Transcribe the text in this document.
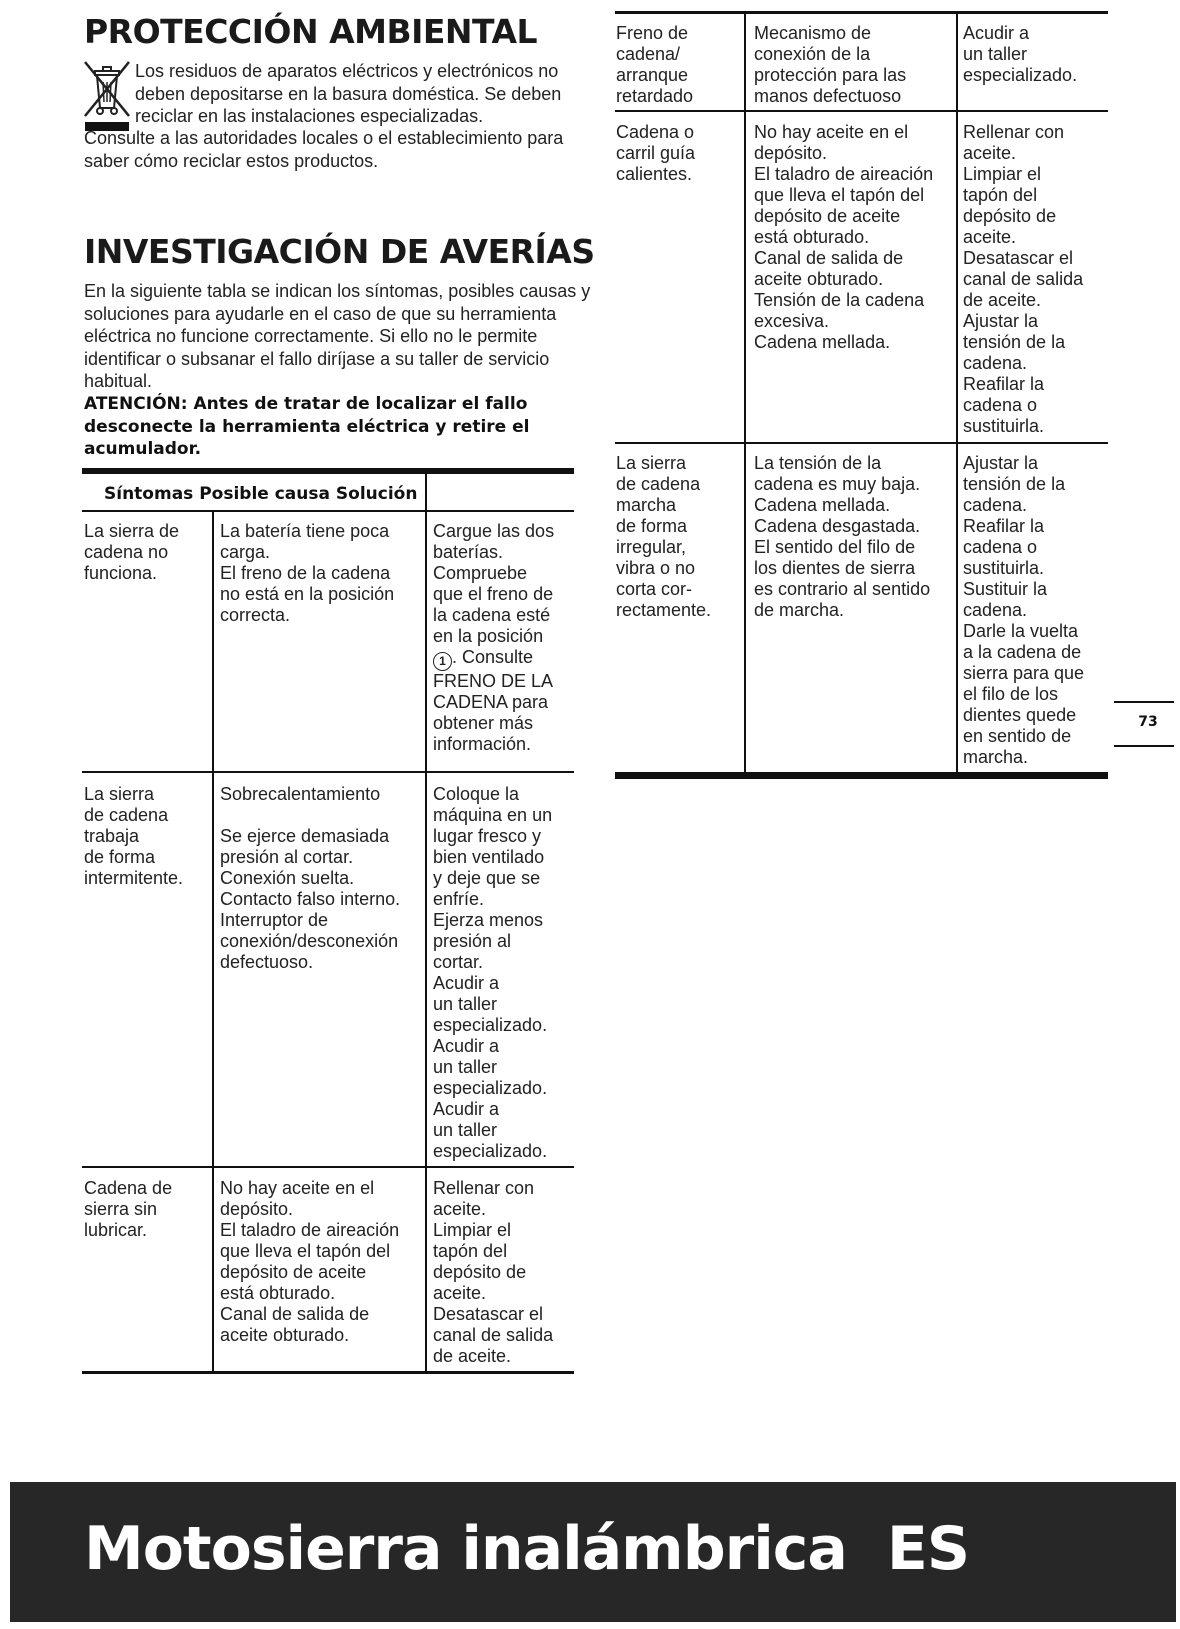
PROTECCIÓN AMBIENTAL
Los residuos de aparatos eléctricos y electrónicos no deben depositarse en la basura doméstica. Se deben reciclar en las instalaciones especializadas.
Consulte a las autoridades locales o el establecimiento para saber cómo reciclar estos productos.
INVESTIGACIÓN DE AVERÍAS
En la siguiente tabla se indican los síntomas, posibles causas y soluciones para ayudarle en el caso de que su herramienta eléctrica no funcione correctamente. Si ello no le permite identificar o subsanar el fallo diríjase a su taller de servicio habitual.
ATENCIÓN: Antes de tratar de localizar el fallo desconecte la herramienta eléctrica y retire el acumulador.
Síntomas Posible causa Solución
La sierra de
cadena no
funciona.
La batería tiene poca
carga.
El freno de la cadena
no está en la posición
correcta.
Cargue las dos
baterías.
Compruebe
que el freno de
la cadena esté
en la posición
1 . Consulte
FRENO DE LA
CADENA para
obtener más
información.
La sierra
de cadena
trabaja
de forma
intermitente.
Sobrecalentamiento

Se ejerce demasiada
presión al cortar.
Conexión suelta.
Contacto falso interno.
Interruptor de
conexión/desconexión
defectuoso.
Coloque la
máquina en un
lugar fresco y
bien ventilado
y deje que se
enfríe.
Ejerza menos
presión al
cortar.
Acudir a
un taller
especializado.
Acudir a
un taller
especializado.
Acudir a
un taller
especializado.
Cadena de
sierra sin
lubricar.
No hay aceite en el
depósito.
El taladro de aireación
que lleva el tapón del
depósito de aceite
está obturado.
Canal de salida de
aceite obturado.
Rellenar con
aceite.
Limpiar el
tapón del
depósito de
aceite.
Desatascar el
canal de salida
de aceite.
Freno de
cadena/
arranque
retardado
Mecanismo de
conexión de la
protección para las
manos defectuoso
Acudir a
un taller
especializado.
Cadena o
carril guía
calientes.
No hay aceite en el
depósito.
El taladro de aireación
que lleva el tapón del
depósito de aceite
está obturado.
Canal de salida de
aceite obturado.
Tensión de la cadena
excesiva.
Cadena mellada.
Rellenar con
aceite.
Limpiar el
tapón del
depósito de
aceite.
Desatascar el
canal de salida
de aceite.
Ajustar la
tensión de la
cadena.
Reafilar la
cadena o
sustituirla.
La sierra
de cadena
marcha
de forma
irregular,
vibra o no
corta cor-
rectamente.
La tensión de la
cadena es muy baja.
Cadena mellada.
Cadena desgastada.
El sentido del filo de
los dientes de sierra
es contrario al sentido
de marcha.
Ajustar la
tensión de la
cadena.
Reafilar la
cadena o
sustituirla.
Sustituir la
cadena.
Darle la vuelta
a la cadena de
sierra para que
el filo de los
dientes quede
en sentido de
marcha.
73
Motosierra inalámbrica ES
